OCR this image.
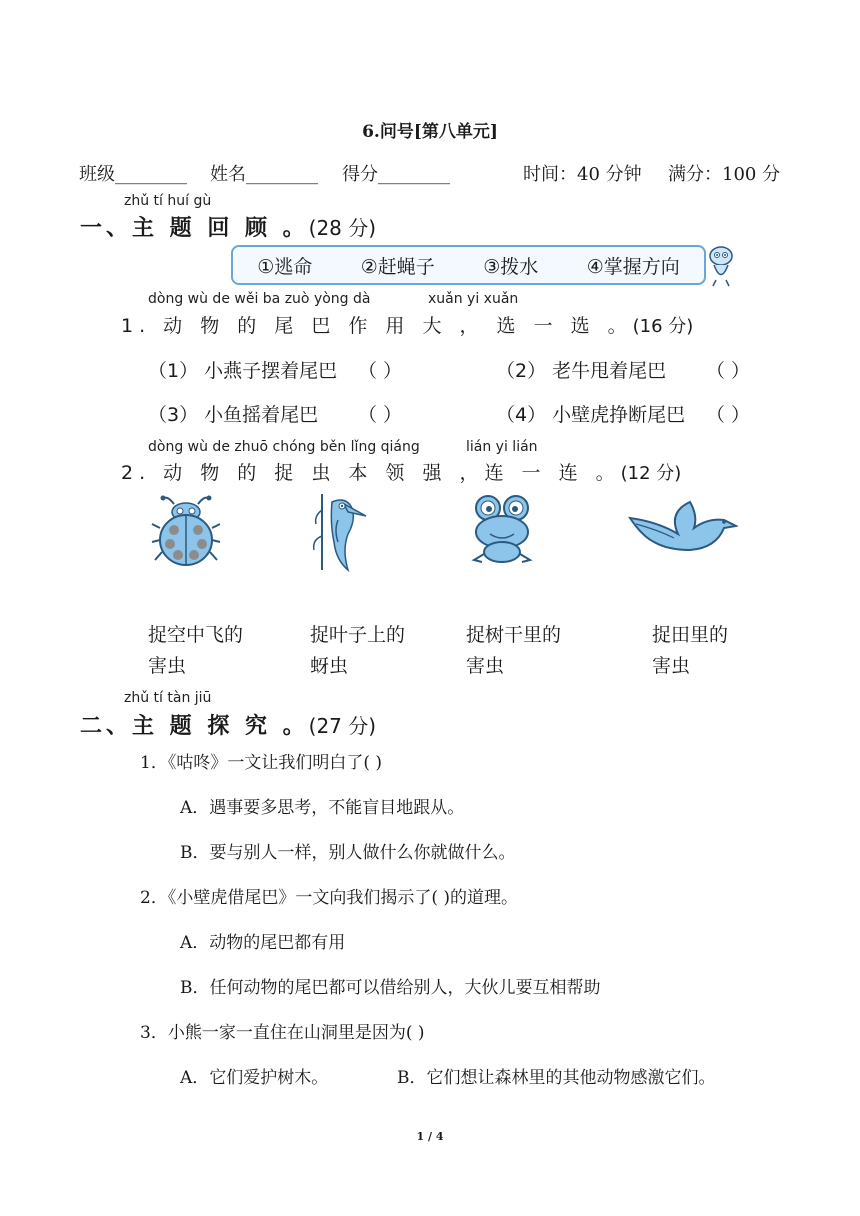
6.问号[第八单元]
班级________ 姓名________ 得分________	时间：40 分钟 满分：100 分
zhǔ tí huí gù
一、主 题 回 顾 。(28 分)
①逃命	②赶蝇子	③拨水	④掌握方向
dòng wù de wěi ba zuò yòng dà	xuǎn yi xuǎn
1. 动 物 的 尾 巴 作 用 大 ， 选 一 选 。(16 分)
（1） 小燕子摆着尾巴 （ ）	（2） 老牛甩着尾巴 （ ）
（3） 小鱼摇着尾巴 （ ）	（4） 小壁虎挣断尾巴 （ ）
dòng wù de zhuō chóng běn lǐng qiáng	lián yi lián
2. 动 物 的 捉 虫 本 领 强 ，连 一 连 。(12 分)
捉空中飞的
害虫
捉叶子上的
蚜虫
捉树干里的
害虫
捉田里的
害虫
zhǔ tí tàn jiū
二、主 题 探 究 。(27 分)
1．《咕咚》一文让我们明白了( )
A．遇事要多思考，不能盲目地跟从。
B．要与别人一样，别人做什么你就做什么。
2．《小壁虎借尾巴》一文向我们揭示了( )的道理。
A．动物的尾巴都有用
B．任何动物的尾巴都可以借给别人，大伙儿要互相帮助
3．小熊一家一直住在山洞里是因为( )
A．它们爱护树木。	B．它们想让森林里的其他动物感激它们。
1 / 4
